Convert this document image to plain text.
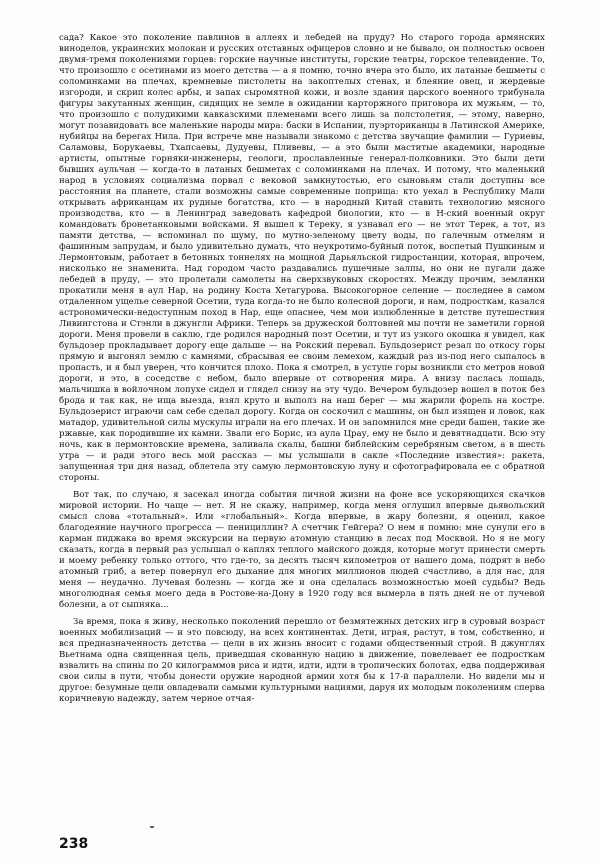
сада? Какое это поколение павлинов в аллеях и лебедей на пруду? Но старого города армянских виноделов, украинских молокан и русских отставных офицеров словно и не бывало, он полностью освоен двумя-тремя поколениями горцев: горские научные институты, горские театры, горское телевидение. То, что произошло с осетинами из моего детства — а я помню, точно вчера это было, их латаные бешметы с соломинками на плечах, кремневые пистолеты на закоптелых стенах, и блеяние овец, и жердевые изгороди, и скрип колес арбы, и запах сыромятной кожи, и возле здания царского военного трибунала фигуры закутанных женщин, сидящих не земле в ожидании карторжного приговора их мужьям, — то, что произошло с полудикими кавказскими племенами всего лишь за полстолетия, — этому, наверно, могут позавидовать все маленькие народы мира: баски в Испании, пуэрториканцы в Латинской Америке, нубийцы на берегах Нила. При встрече мне называли знакомо с детства звучащие фамилии — Гуриевы, Саламовы, Борукаевы, Тхапсаевы, Дудуевы, Пливевы, — а это были маститые академики, народные артисты, опытные горняки-инженеры, геологи, прославленные генерал-полковники. Это были дети бывших аульчан — когда-то в латаных бешметах с соломинками на плечах. И потому, что маленький народ в условиях социализма порвал с вековой замкнутостью, его сыновьям стали доступны все расстояния на планете, стали возможны самые современные поприща: кто уехал в Республику Мали открывать африканцам их рудные богатства, кто — в народный Китай ставить технологию мясного производства, кто — в Ленинград заведовать кафедрой биологии, кто — в Н-ский военный округ командовать бронетанковыми войсками. Я вышел к Тереку, я узнавал его — не этот Терек, а тот, из памяти детства, — вспоминал по шуму, по мутно-зеленому цвету воды, по галечным отмелям и фашинным запрудам, и было удивительно думать, что неукротимо-буйный поток, воспетый Пушкиным и Лермонтовым, работает в бетонных тоннелях на мощной Дарьяльской гидростанции, которая, впрочем, нисколько не знаменита. Над городом часто раздавались пушечные залпы, но они не пугали даже лебедей в пруду, — это пролетали самолеты на сверхзвуковых скоростях. Между прочим, землянки прокатили меня в аул Нар, на родину Коста Хетагурова. Высокогорное селение — последнее в самом отдаленном ущелье северной Осетии, туда когда-то не было колесной дороги, и нам, подросткам, казался астрономически-недоступным поход в Нар, еще опаснее, чем мои излюбленные в детстве путешествия Ливингстона и Стэнли в джунгли Африки. Теперь за дружеской болтовней мы почти не заметили горной дороги. Меня провели в саклю, где родился народный поэт Осетии, и тут из узкого окошка я увидел, как бульдозер прокладывает дорогу еще дальше — на Рокский перевал. Бульдозерист резал по откосу горы прямую и выгонял землю с камнями, сбрасывая ее своим лемехом, каждый раз из-под него сыпалось в пропасть, и я был уверен, что кончится плохо. Пока я смотрел, в уступе горы возникли сто метров новой дороги, и это, в соседстве с небом, было впервые от сотворения мира. А внизу паслась лошадь, мальчишка в войлочном лопухе сидел и глядел снизу на эту чудо. Вечером бульдозер вошел в поток без брода и так как, не ища выезда, взял круто и выполз на наш берег — мы жарили форель на костре. Бульдозерист играючи сам себе сделал дорогу. Когда он соскочил с машины, он был изящен и ловок, как матадор, удивительной силы мускулы играли на его плечах. И он запомнился мне среди башен, такие же ржавые, как породившие их камни. Звали его Борис, из аула Црау, ему не было и девятнадцати. Всю эту ночь, как в лермонтовские времена, заливала скалы, башни библейским серебряным светом, а в шесть утра — и ради этого весь мой рассказ — мы услышали в сакле «Последние известия»: ракета, запущенная три дня назад, облетела эту самую лермонтовскую луну и сфотографировала ее с обратной стороны.

Вот так, по случаю, я засекал иногда события личной жизни на фоне все ускоряющихся скачков мировой истории. Но чаще — нет. Я не скажу, например, когда меня оглушил впервые дьявольский смысл слова «тотальный». Или «глобальный». Когда впервые, в жару болезни, я оценил, какое благодеяние научного прогресса — пенициллин? А счетчик Гейгера? О нем я помню: мне сунули его в карман пиджака во время экскурсии на первую атомную станцию в лесах под Москвой. Но я не могу сказать, когда в первый раз услышал о каплях теплого майского дождя, которые могут принести смерть и моему ребенку только оттого, что где-то, за десять тысяч километров от нашего дома, подрят в небо атомный гриб, а ветер повернул его дыхание для многих миллионов людей счастливо, а для нас, для меня — неудачно. Лучевая болезнь — когда же и она сделалась возможностью моей судьбы? Ведь многолюдная семья моего деда в Ростове-на-Дону в 1920 году вся вымерла в пять дней не от лучевой болезни, а от сыпняка...

За время, пока я живу, несколько поколений перешло от безмятежных детских игр в суровый возраст военных мобилизаций — и это повсюду, на всех континентах. Дети, играя, растут, в том, собственно, и вся предназначенность детства — цели в их жизнь вносит с годами общественный строй. В джунглях Вьетнама одна священная цель, приведшая скованную нацию в движение, повелевает ее подросткам взвалить на спины по 20 килограммов риса и идти, идти, идти в тропических болотах, едва поддерживая свои силы в пути, чтобы донести оружие народной армии хотя бы к 17-й параллели. Но видели мы и другое: безумные цели овладевали самыми культурными нациями, даруя их молодым поколениям сперва коричневую надежду, затем черное отчая-

238
